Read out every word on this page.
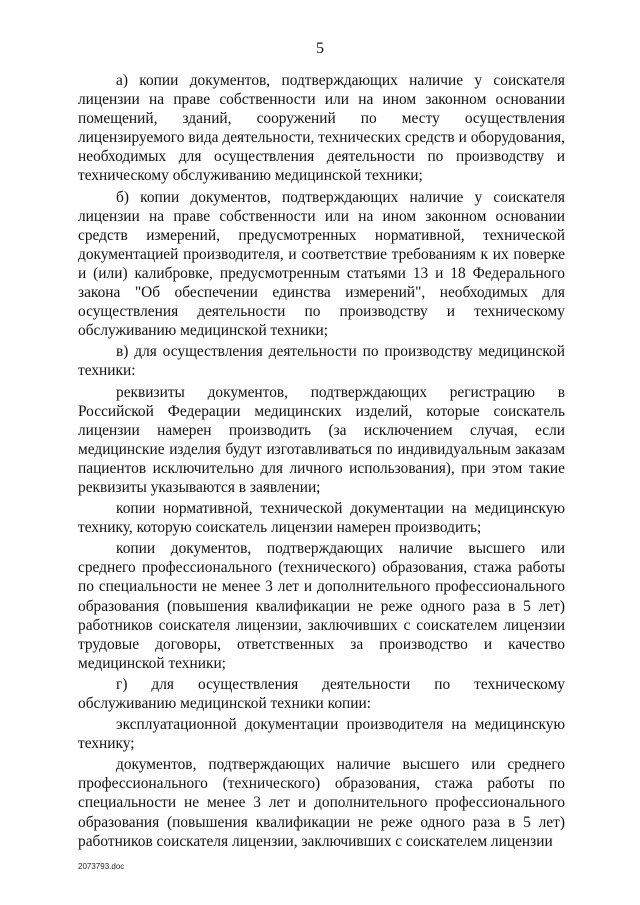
5

а) копии документов, подтверждающих наличие у соискателя лицензии на праве собственности или на ином законном основании помещений, зданий, сооружений по месту осуществления лицензируемого вида деятельности, технических средств и оборудования, необходимых для осуществления деятельности по производству и техническому обслуживанию медицинской техники;

б) копии документов, подтверждающих наличие у соискателя лицензии на праве собственности или на ином законном основании средств измерений, предусмотренных нормативной, технической документацией производителя, и соответствие требованиям к их поверке и (или) калибровке, предусмотренным статьями 13 и 18 Федерального закона "Об обеспечении единства измерений", необходимых для осуществления деятельности по производству и техническому обслуживанию медицинской техники;

в) для осуществления деятельности по производству медицинской техники:

реквизиты документов, подтверждающих регистрацию в Российской Федерации медицинских изделий, которые соискатель лицензии намерен производить (за исключением случая, если медицинские изделия будут изготавливаться по индивидуальным заказам пациентов исключительно для личного использования), при этом такие реквизиты указываются в заявлении;

копии нормативной, технической документации на медицинскую технику, которую соискатель лицензии намерен производить;

копии документов, подтверждающих наличие высшего или среднего профессионального (технического) образования, стажа работы по специальности не менее 3 лет и дополнительного профессионального образования (повышения квалификации не реже одного раза в 5 лет) работников соискателя лицензии, заключивших с соискателем лицензии трудовые договоры, ответственных за производство и качество медицинской техники;

г) для осуществления деятельности по техническому обслуживанию медицинской техники копии:

эксплуатационной документации производителя на медицинскую технику;

документов, подтверждающих наличие высшего или среднего профессионального (технического) образования, стажа работы по специальности не менее 3 лет и дополнительного профессионального образования (повышения квалификации не реже одного раза в 5 лет) работников соискателя лицензии, заключивших с соискателем лицензии

2073793.doc
